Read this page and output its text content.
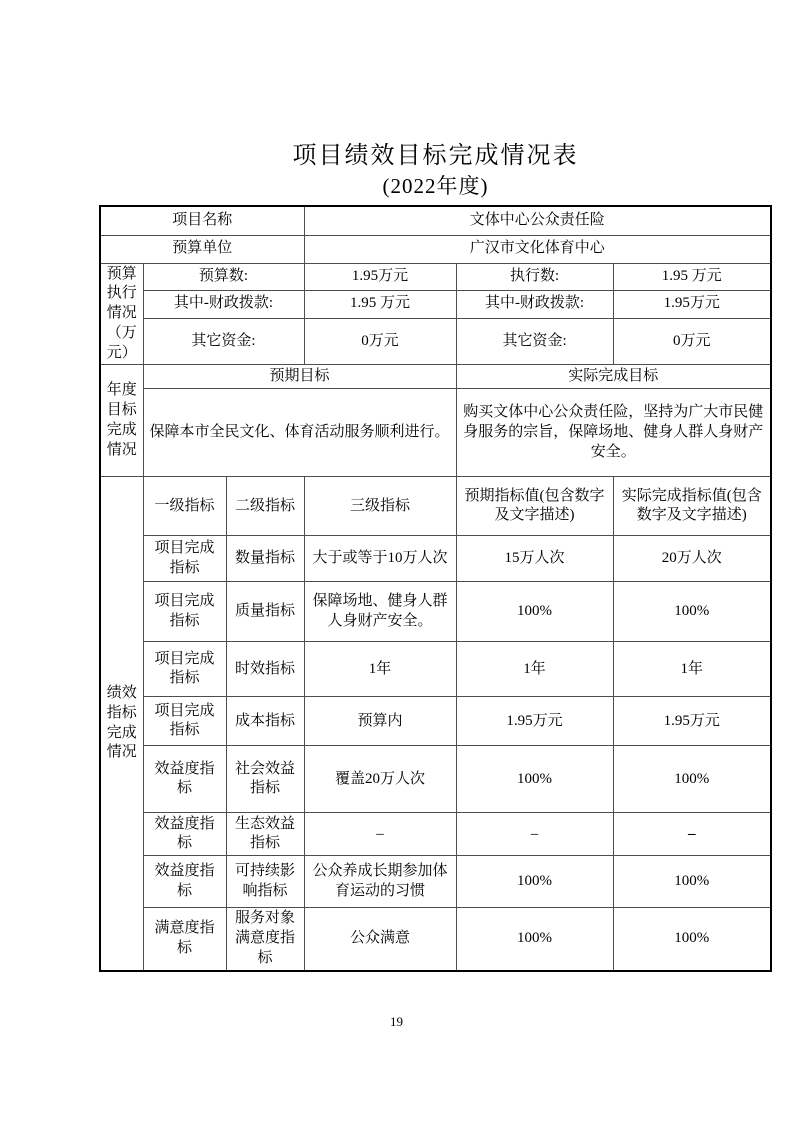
项目绩效目标完成情况表
(2022年度)
项目名称			文体中心公众责任险		
预算单位			广汉市文化体育中心		
预算执行情况（万元）	预算数:		1.95万元	执行数:	1.95 万元
	其中-财政拨款:		1.95 万元	其中-财政拨款:	1.95万元
	其它资金:		0万元	其它资金:	0万元
年度目标完成情况	预期目标			实际完成目标	
	保障本市全民文化、体育活动服务顺利进行。			购买文体中心公众责任险，坚持为广大市民健身服务的宗旨，保障场地、健身人群人身财产安全。	
绩效指标完成情况	一级指标	二级指标	三级指标	预期指标值(包含数字及文字描述)	实际完成指标值(包含数字及文字描述)
	项目完成指标	数量指标	大于或等于10万人次	15万人次	20万人次
	项目完成指标	质量指标	保障场地、健身人群人身财产安全。	100%	100%
	项目完成指标	时效指标	1年	1年	1年
	项目完成指标	成本指标	预算内	1.95万元	1.95万元
	效益度指标	社会效益指标	覆盖20万人次	100%	100%
	效益度指标	生态效益指标	–	–	–
	效益度指标	可持续影响指标	公众养成长期参加体育运动的习惯	100%	100%
	满意度指标	服务对象满意度指标	公众满意	100%	100%
19
